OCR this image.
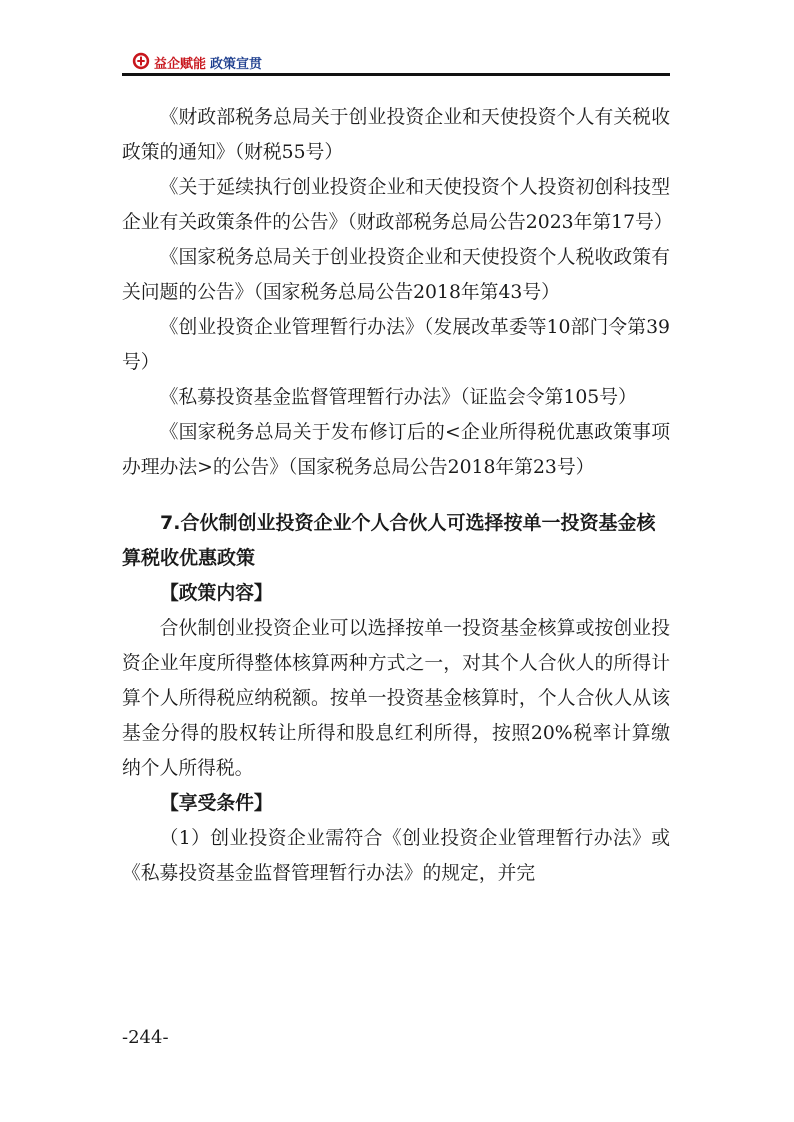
益企赋能 政策宣贯

《财政部税务总局关于创业投资企业和天使投资个人有关税收政策的通知》（财税55号）

《关于延续执行创业投资企业和天使投资个人投资初创科技型企业有关政策条件的公告》（财政部税务总局公告2023年第17号）

《国家税务总局关于创业投资企业和天使投资个人税收政策有关问题的公告》（国家税务总局公告2018年第43号）

《创业投资企业管理暂行办法》（发展改革委等10部门令第39号）

《私募投资基金监督管理暂行办法》（证监会令第105号）

《国家税务总局关于发布修订后的<企业所得税优惠政策事项办理办法>的公告》（国家税务总局公告2018年第23号）

7.合伙制创业投资企业个人合伙人可选择按单一投资基金核算税收优惠政策

【政策内容】

合伙制创业投资企业可以选择按单一投资基金核算或按创业投资企业年度所得整体核算两种方式之一，对其个人合伙人的所得计算个人所得税应纳税额。按单一投资基金核算时，个人合伙人从该基金分得的股权转让所得和股息红利所得，按照20%税率计算缴纳个人所得税。

【享受条件】

（1）创业投资企业需符合《创业投资企业管理暂行办法》或《私募投资基金监督管理暂行办法》的规定，并完

-244-
